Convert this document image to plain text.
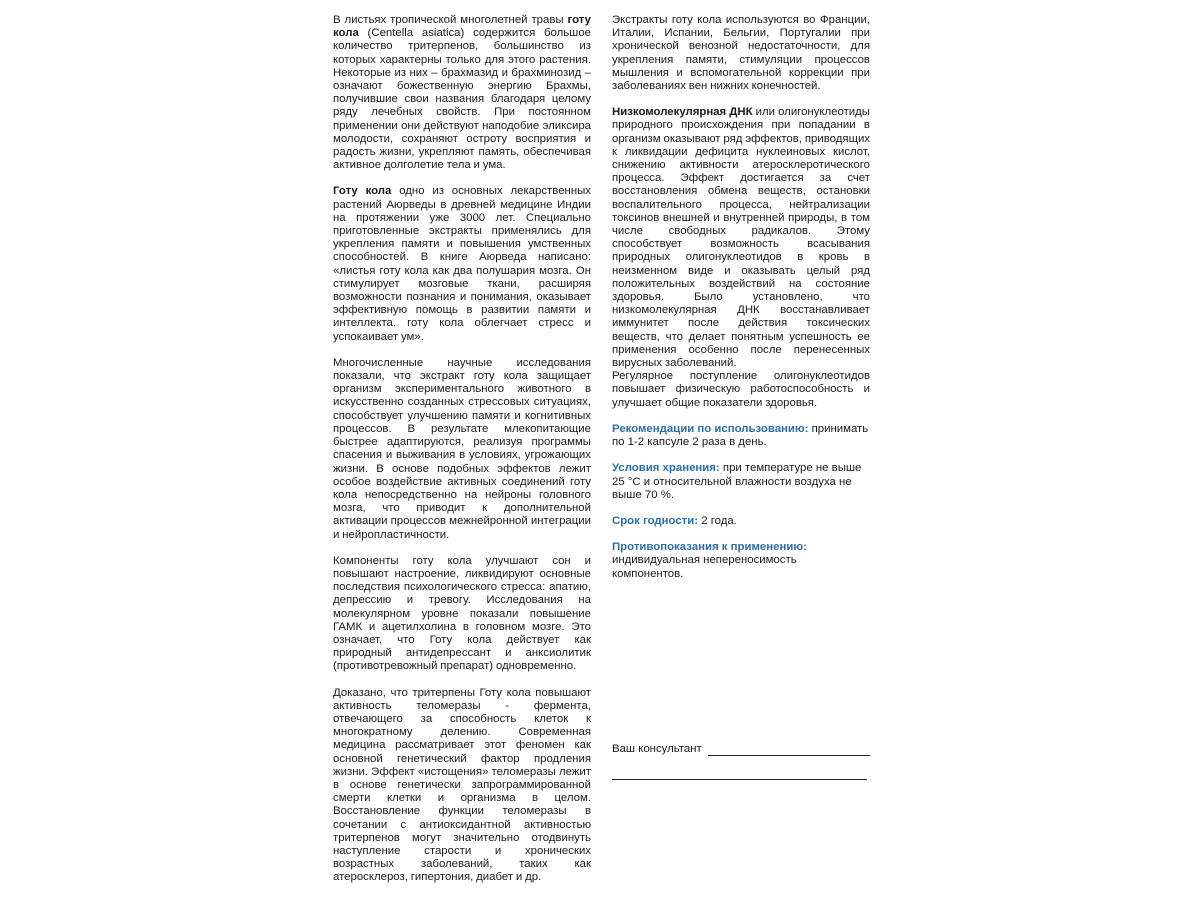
В листьях тропической многолетней травы готу кола (Centella asiatica) содержится большое количество тритерпенов, большинство из которых характерны только для этого растения. Некоторые из них – брахмазид и брахминозид – означают божественную энергию Брахмы, получившие свои названия благодаря целому ряду лечебных свойств. При постоянном применении они действуют наподобие эликсира молодости, сохраняют остроту восприятия и радость жизни, укрепляют память, обеспечивая активное долголетие тела и ума.

Готу кола одно из основных лекарственных растений Аюрведы в древней медицине Индии на протяжении уже 3000 лет. Специально приготовленные экстракты применялись для укрепления памяти и повышения умственных способностей. В книге Аюрведа написано: «листья готу кола как два полушария мозга. Он стимулирует мозговые ткани, расширяя возможности познания и понимания, оказывает эффективную помощь в развитии памяти и интеллекта. готу кола облегчает стресс и успокаивает ум».

Многочисленные научные исследования показали, что экстракт готу кола защищает организм экспериментального животного в искусственно созданных стрессовых ситуациях, способствует улучшению памяти и когнитивных процессов. В результате млекопитающие быстрее адаптируются, реализуя программы спасения и выживания в условиях, угрожающих жизни. В основе подобных эффектов лежит особое воздействие активных соединений готу кола непосредственно на нейроны головного мозга, что приводит к дополнительной активации процессов межнейронной интеграции и нейропластичности.

Компоненты готу кола улучшают сон и повышают настроение, ликвидируют основные последствия психологического стресса: апатию, депрессию и тревогу. Исследования на молекулярном уровне показали повышение ГАМК и ацетилхолина в головном мозге. Это означает, что Готу кола действует как природный антидепрессант и анксиолитик (противотревожный препарат) одновременно.

Доказано, что тритерпены Готу кола повышают активность теломеразы - фермента, отвечающего за способность клеток к многократному делению. Современная медицина рассматривает этот феномен как основной генетический фактор продления жизни. Эффект «истощения» теломеразы лежит в основе генетически запрограммированной смерти клетки и организма в целом. Восстановление функции теломеразы в сочетании с антиоксидантной активностью тритерпенов могут значительно отодвинуть наступление старости и хронических возрастных заболеваний, таких как атеросклероз, гипертония, диабет и др.

Экстракты готу кола используются во Франции, Италии, Испании, Бельгии, Португалии при хронической венозной недостаточности, для укрепления памяти, стимуляции процессов мышления и вспомогательной коррекции при заболеваниях вен нижних конечностей.

Низкомолекулярная ДНК или олигонуклеотиды природного происхождения при попадании в организм оказывают ряд эффектов, приводящих к ликвидации дефицита нуклеиновых кислот, снижению активности атеросклеротического процесса. Эффект достигается за счет восстановления обмена веществ, остановки воспалительного процесса, нейтрализации токсинов внешней и внутренней природы, в том числе свободных радикалов. Этому способствует возможность всасывания природных олигонуклеотидов в кровь в неизменном виде и оказывать целый ряд положительных воздействий на состояние здоровья. Было установлено, что низкомолекулярная ДНК восстанавливает иммунитет после действия токсических веществ, что делает понятным успешность ее применения особенно после перенесенных вирусных заболеваний.

Регулярное поступление олигонуклеотидов повышает физическую работоспособность и улучшает общие показатели здоровья.

Рекомендации по использованию: принимать по 1-2 капсуле 2 раза в день.
Условия хранения: при температуре не выше 25 °С и относительной влажности воздуха не выше 70 %.
Срок годности: 2 года.
Противопоказания к применению:
индивидуальная непереносимость компонентов.
Ваш консультант
